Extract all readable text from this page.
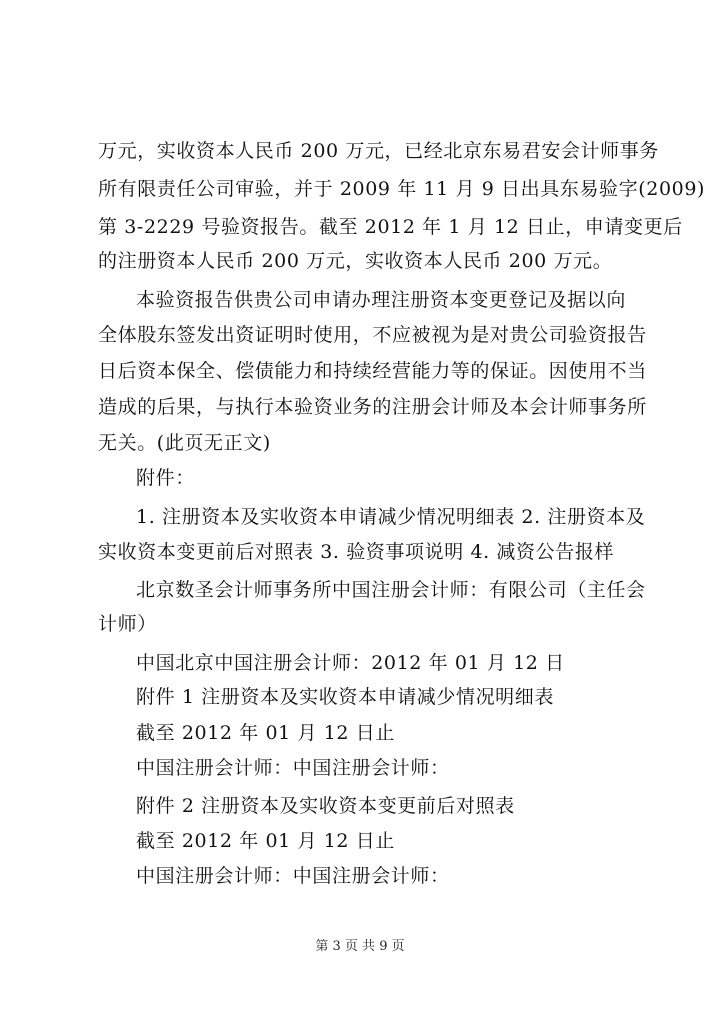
万元，实收资本人民币 200 万元，已经北京东易君安会计师事务
所有限责任公司审验，并于 2009 年 11 月 9 日出具东易验字(2009)
第 3-2229 号验资报告。截至 2012 年 1 月 12 日止，申请变更后
的注册资本人民币 200 万元，实收资本人民币 200 万元。
本验资报告供贵公司申请办理注册资本变更登记及据以向
全体股东签发出资证明时使用，不应被视为是对贵公司验资报告
日后资本保全、偿债能力和持续经营能力等的保证。因使用不当
造成的后果，与执行本验资业务的注册会计师及本会计师事务所
无关。(此页无正文)
附件：
1. 注册资本及实收资本申请减少情况明细表 2. 注册资本及
实收资本变更前后对照表 3. 验资事项说明 4. 减资公告报样
北京数圣会计师事务所中国注册会计师：有限公司（主任会
计师）
中国北京中国注册会计师：2012 年 01 月 12 日
附件 1 注册资本及实收资本申请减少情况明细表
截至 2012 年 01 月 12 日止
中国注册会计师：中国注册会计师：
附件 2 注册资本及实收资本变更前后对照表
截至 2012 年 01 月 12 日止
中国注册会计师：中国注册会计师：
第 3 页 共 9 页
